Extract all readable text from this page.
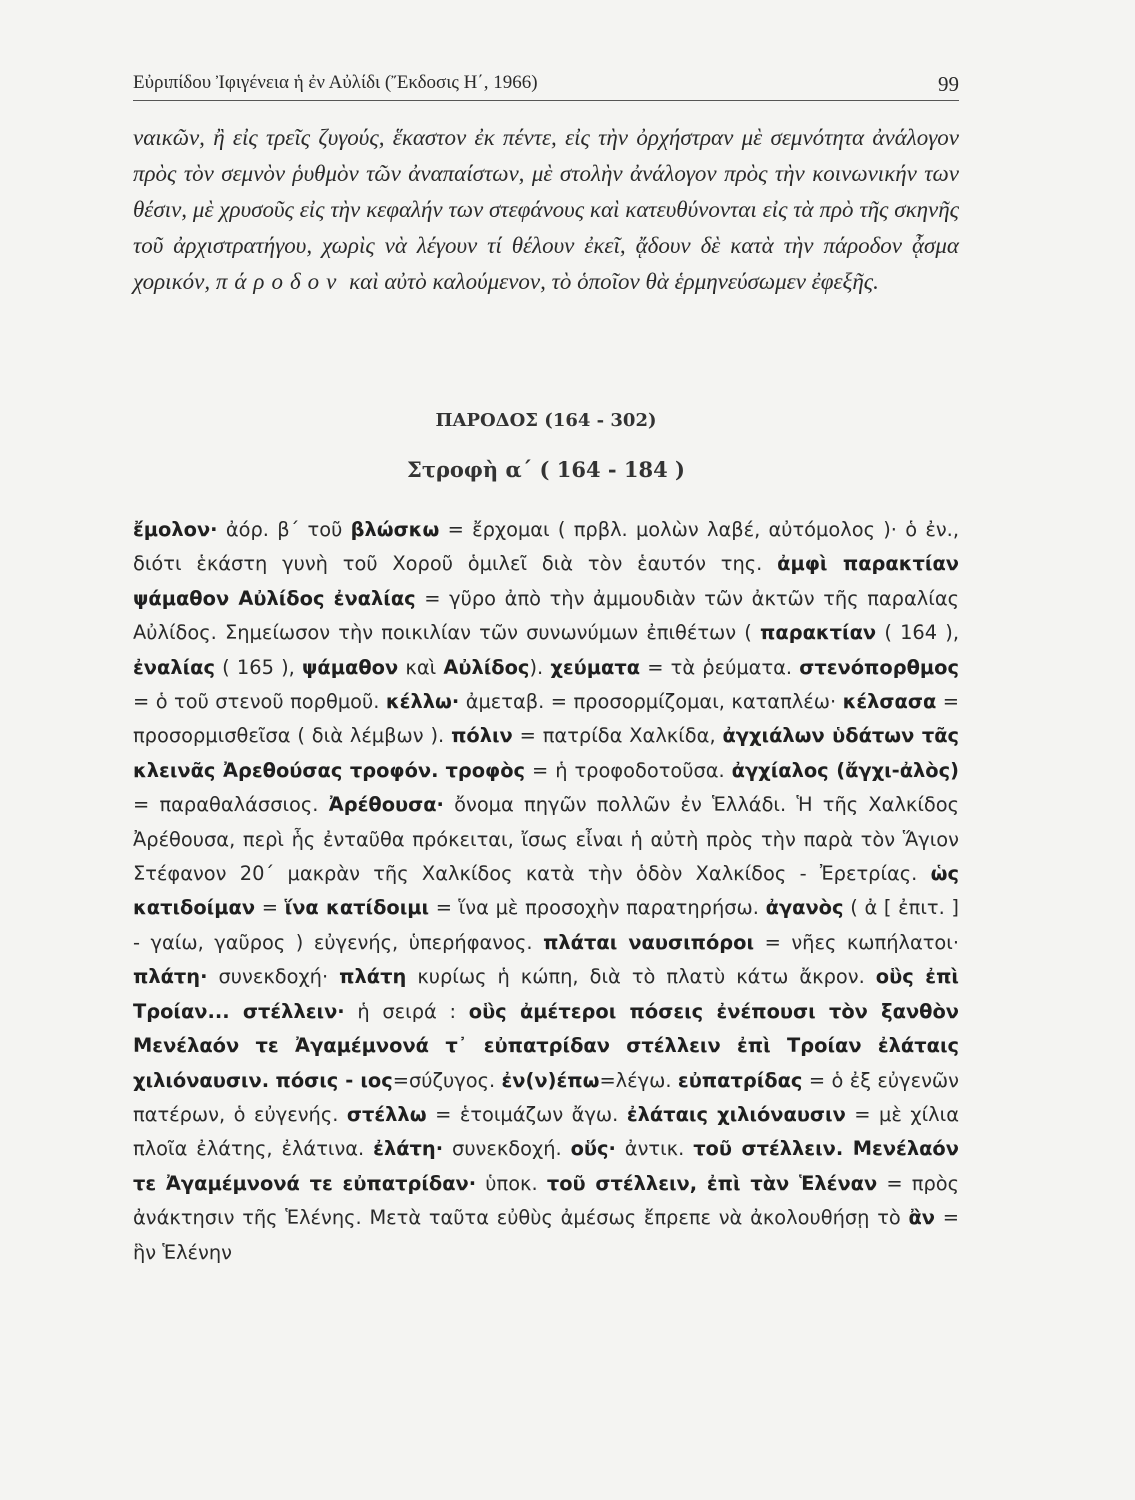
Εὐριπίδου Ἰφιγένεια ἡ ἐν Αὐλίδι (Ἔκδοσις Η΄, 1966)	99

ναικῶν, ἢ εἰς τρεῖς ζυγούς, ἕκαστον ἐκ πέντε, εἰς τὴν ὀρχήστραν μὲ σεμνότητα ἀνάλογον πρὸς τὸν σεμνὸν ῥυθμὸν τῶν ἀναπαίστων, μὲ στολὴν ἀνάλογον πρὸς τὴν κοινωνικήν των θέσιν, μὲ χρυσοῦς εἰς τὴν κεφαλήν των στεφάνους καὶ κατευθύνονται εἰς τὰ πρὸ τῆς σκηνῆς τοῦ ἀρχιστρατήγου, χωρὶς νὰ λέγουν τί θέλουν ἐκεῖ, ᾄδουν δὲ κατὰ τὴν πάροδον ᾆσμα χορικόν, πάροδον καὶ αὐτὸ καλούμενον, τὸ ὁποῖον θὰ ἑρμηνεύσωμεν ἐφεξῆς.

ΠΑΡΟΔΟΣ (164 - 302)
Στροφὴ α΄ ( 164 - 184 )

ἔμολον· ἀόρ. β΄ τοῦ βλώσκω = ἔρχομαι ( πρβλ. μολὼν λαβέ, αὐτόμολος )· ὁ ἐν., διότι ἑκάστη γυνὴ τοῦ Χοροῦ ὁμιλεῖ διὰ τὸν ἑαυτόν της. ἀμφὶ παρακτίαν ψάμαθον Αὐλίδος ἐναλίας = γῦρο ἀπὸ τὴν ἀμμουδιὰν τῶν ἀκτῶν τῆς παραλίας Αὐλίδος. Σημείωσον τὴν ποικιλίαν τῶν συνωνύμων ἐπιθέτων ( παρακτίαν ( 164 ), ἐναλίας ( 165 ), ψάμαθον καὶ Αὐλίδος). χεύματα = τὰ ῥεύματα. στενόπορθμος = ὁ τοῦ στενοῦ πορθμοῦ. κέλλω· ἀμεταβ. = προσορμίζομαι, καταπλέω· κέλσασα = προσορμισθεῖσα ( διὰ λέμβων ). πόλιν = πατρίδα Χαλκίδα, ἀγχιάλων ὑδάτων τᾶς κλεινᾶς Ἀρεθούσας τροφόν. τροφὸς = ἡ τροφοδοτοῦσα. ἀγχίαλος (ἄγχι-ἀλὸς) = παραθαλάσσιος. Ἀρέθουσα· ὄνομα πηγῶν πολλῶν ἐν Ἑλλάδι. Ἡ τῆς Χαλκίδος Ἀρέθουσα, περὶ ἧς ἐνταῦθα πρόκειται, ἴσως εἶναι ἡ αὐτὴ πρὸς τὴν παρὰ τὸν Ἅγιον Στέφανον 20΄ μακρὰν τῆς Χαλκίδος κατὰ τὴν ὁδὸν Χαλκίδος - Ἐρετρίας. ὡς κατιδοίμαν = ἵνα κατίδοιμι = ἵνα μὲ προσοχὴν παρατηρήσω. ἀγανὸς ( ἀ [ ἐπιτ. ] - γαίω, γαῦρος ) εὐγενής, ὑπερήφανος. πλάται ναυσιπόροι = νῆες κωπήλατοι· πλάτη· συνεκδοχή· πλάτη κυρίως ἡ κώπη, διὰ τὸ πλατὺ κάτω ἄκρον. οὓς ἐπὶ Τροίαν... στέλλειν· ἡ σειρά : οὓς ἀμέτεροι πόσεις ἐνέπουσι τὸν ξανθὸν Μενέλαόν τε Ἀγαμέμνονά τ᾽ εὐπατρίδαν στέλλειν ἐπὶ Τροίαν ἐλάταις χιλιόναυσιν. πόσις - ιος=σύζυγος. ἐν(ν)έπω=λέγω. εὐπατρίδας = ὁ ἐξ εὐγενῶν πατέρων, ὁ εὐγενής. στέλλω = ἑτοιμάζων ἄγω. ἐλάταις χιλιόναυσιν = μὲ χίλια πλοῖα ἐλάτης, ἐλάτινα. ἐλάτη· συνεκδοχή. οὕς· ἀντικ. τοῦ στέλλειν. Μενέλαόν τε Ἀγαμέμνονά τε εὐπατρίδαν· ὑποκ. τοῦ στέλλειν, ἐπὶ τὰν Ἑλέναν = πρὸς ἀνάκτησιν τῆς Ἑλένης. Μετὰ ταῦτα εὐθὺς ἀμέσως ἔπρεπε νὰ ἀκολουθήσῃ τὸ ἂν = ἣν Ἑλένην
